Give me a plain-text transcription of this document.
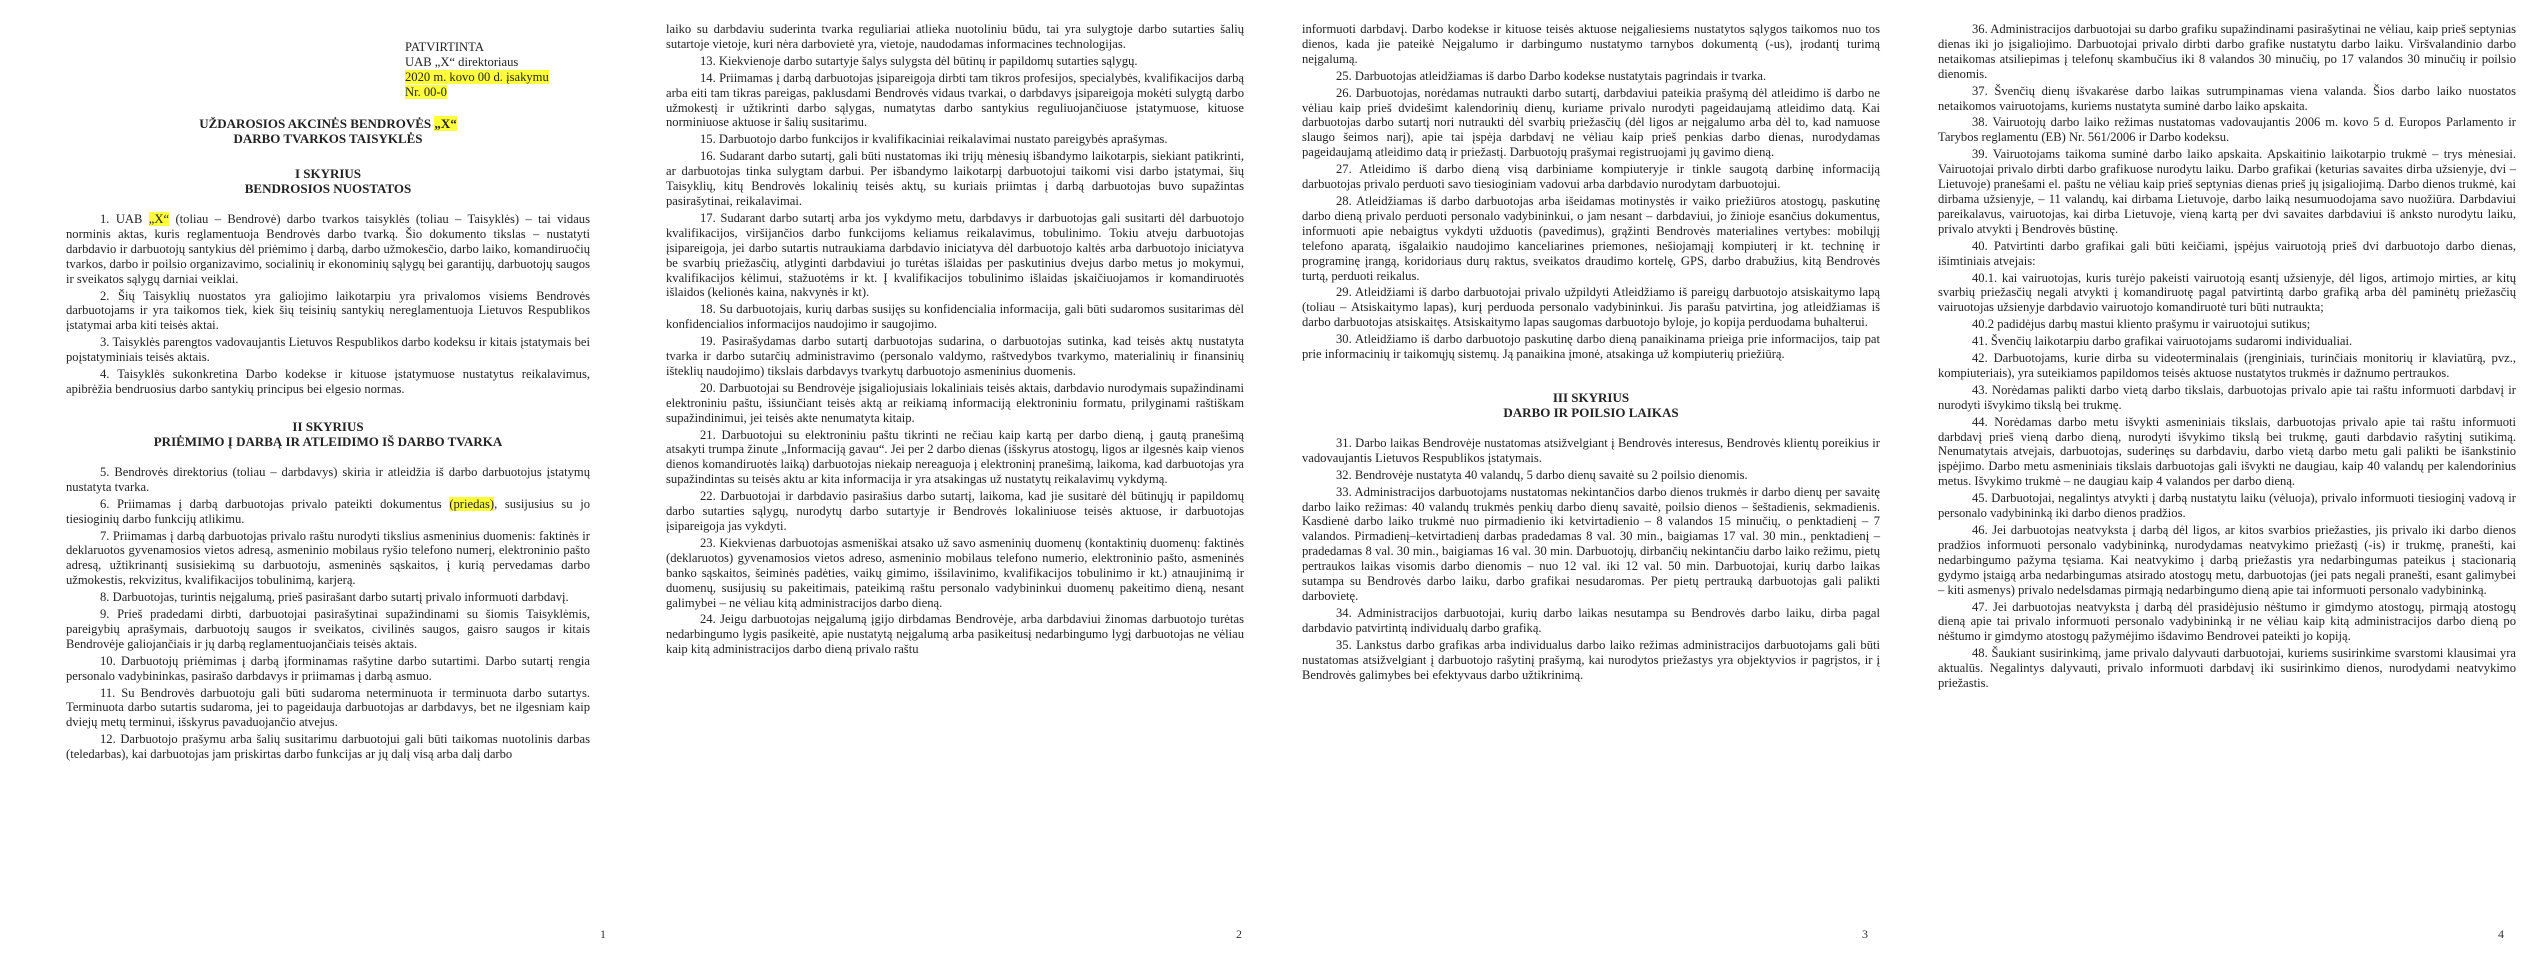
PATVIRTINTA
UAB „X“ direktoriaus
2020 m. kovo 00 d. įsakymu
Nr. 00-0
UŽDAROSIOS AKCINĖS BENDROVĖS „X“
DARBO TVARKOS TAISYKLĖS
I SKYRIUS
BENDROSIOS NUOSTATOS

1. UAB „X“ (toliau – Bendrovė) darbo tvarkos taisyklės (toliau – Taisyklės) – tai vidaus norminis aktas, kuris reglamentuoja Bendrovės darbo tvarką. Šio dokumento tikslas – nustatyti darbdavio ir darbuotojų santykius dėl priėmimo į darbą, darbo užmokesčio, darbo laiko, komandiruočių tvarkos, darbo ir poilsio organizavimo, socialinių ir ekonominių sąlygų bei garantijų, darbuotojų saugos ir sveikatos sąlygų darniai veiklai.

2. Šių Taisyklių nuostatos yra galiojimo laikotarpiu yra privalomos visiems Bendrovės darbuotojams ir yra taikomos tiek, kiek šių teisinių santykių nereglamentuoja Lietuvos Respublikos įstatymai arba kiti teisės aktai.

3. Taisyklės parengtos vadovaujantis Lietuvos Respublikos darbo kodeksu ir kitais įstatymais bei poįstatyminiais teisės aktais.

4. Taisyklės sukonkretina Darbo kodekse ir kituose įstatymuose nustatytus reikalavimus, apibrėžia bendruosius darbo santykių principus bei elgesio normas.

II SKYRIUS
PRIĖMIMO Į DARBĄ IR ATLEIDIMO IŠ DARBO TVARKA

5. Bendrovės direktorius (toliau – darbdavys) skiria ir atleidžia iš darbo darbuotojus įstatymų nustatyta tvarka.

6. Priimamas į darbą darbuotojas privalo pateikti dokumentus (priedas), susijusius su jo tiesioginių darbo funkcijų atlikimu.

7. Priimamas į darbą darbuotojas privalo raštu nurodyti tikslius asmeninius duomenis: faktinės ir deklaruotos gyvenamosios vietos adresą, asmeninio mobilaus ryšio telefono numerį, elektroninio pašto adresą, užtikrinantį susisiekimą su darbuotoju, asmeninės sąskaitos, į kurią pervedamas darbo užmokestis, rekvizitus, kvalifikacijos tobulinimą, karjerą.

8. Darbuotojas, turintis neįgalumą, prieš pasirašant darbo sutartį privalo informuoti darbdavį.

9. Prieš pradedami dirbti, darbuotojai pasirašytinai supažindinami su šiomis Taisyklėmis, pareigybių aprašymais, darbuotojų saugos ir sveikatos, civilinės saugos, gaisro saugos ir kitais Bendrovėje galiojančiais ir jų darbą reglamentuojančiais teisės aktais.

10. Darbuotojų priėmimas į darbą įforminamas rašytine darbo sutartimi. Darbo sutartį rengia personalo vadybininkas, pasirašo darbdavys ir priimamas į darbą asmuo.

11. Su Bendrovės darbuotoju gali būti sudaroma neterminuota ir terminuota darbo sutartys. Terminuota darbo sutartis sudaroma, jei to pageidauja darbuotojas ar darbdavys, bet ne ilgesniam kaip dviejų metų terminui, išskyrus pavaduojančio atvejus.

12. Darbuotojo prašymu arba šalių susitarimu darbuotojui gali būti taikomas nuotolinis darbas (teledarbas), kai darbuotojas jam priskirtas darbo funkcijas ar jų dalį visą arba dalį darbo

1

laiko su darbdaviu suderinta tvarka reguliariai atlieka nuotoliniu būdu, tai yra sulygtoje darbo sutarties šalių sutartoje vietoje, kuri nėra darbovietė yra, vietoje, naudodamas informacines technologijas.

13. Kiekvienoje darbo sutartyje šalys sulygsta dėl būtinų ir papildomų sutarties sąlygų.

14. Priimamas į darbą darbuotojas įsipareigoja dirbti tam tikros profesijos, specialybės, kvalifikacijos darbą arba eiti tam tikras pareigas, paklusdami Bendrovės vidaus tvarkai, o darbdavys įsipareigoja mokėti sulygtą darbo užmokestį ir užtikrinti darbo sąlygas, numatytas darbo santykius reguliuojančiuose įstatymuose, kituose norminiuose aktuose ir šalių susitarimu.

15. Darbuotojo darbo funkcijos ir kvalifikaciniai reikalavimai nustato pareigybės aprašymas.

16. Sudarant darbo sutartį, gali būti nustatomas iki trijų mėnesių išbandymo laikotarpis, siekiant patikrinti, ar darbuotojas tinka sulygtam darbui. Per išbandymo laikotarpį darbuotojui taikomi visi darbo įstatymai, šių Taisyklių, kitų Bendrovės lokalinių teisės aktų, su kuriais priimtas į darbą darbuotojas buvo supažintas pasirašytinai, reikalavimai.

17. Sudarant darbo sutartį arba jos vykdymo metu, darbdavys ir darbuotojas gali susitarti dėl darbuotojo kvalifikacijos, viršijančios darbo funkcijoms keliamus reikalavimus, tobulinimo. Tokiu atveju darbuotojas įsipareigoja, jei darbo sutartis nutraukiama darbdavio iniciatyva dėl darbuotojo kaltės arba darbuotojo iniciatyva be svarbių priežasčių, atlyginti darbdaviui jo turėtas išlaidas per paskutinius dvejus darbo metus jo mokymui, kvalifikacijos kėlimui, stažuotėms ir kt. Į kvalifikacijos tobulinimo išlaidas įskaičiuojamos ir komandiruotės išlaidos (kelionės kaina, nakvynės ir kt).

18. Su darbuotojais, kurių darbas susijęs su konfidencialia informacija, gali būti sudaromos susitarimas dėl konfidencialios informacijos naudojimo ir saugojimo.

19. Pasirašydamas darbo sutartį darbuotojas sudarina, o darbuotojas sutinka, kad teisės aktų nustatyta tvarka ir darbo sutarčių administravimo (personalo valdymo, raštvedybos tvarkymo, materialinių ir finansinių išteklių naudojimo) tikslais darbdavys tvarkytų darbuotojo asmeninius duomenis.

20. Darbuotojai su Bendrovėje įsigaliojusiais lokaliniais teisės aktais, darbdavio nurodymais supažindinami elektroniniu paštu, išsiunčiant teisės aktą ar reikiamą informaciją elektroniniu formatu, prilyginami raštiškam supažindinimui, jei teisės akte nenumatyta kitaip.

21. Darbuotojui su elektroniniu paštu tikrinti ne rečiau kaip kartą per darbo dieną, į gautą pranešimą atsakyti trumpa žinute „Informaciją gavau“. Jei per 2 darbo dienas (išskyrus atostogų, ligos ar ilgesnės kaip vienos dienos komandiruotės laiką) darbuotojas niekaip nereaguoja į elektroninį pranešimą, laikoma, kad darbuotojas yra supažindintas su teisės aktu ar kita informacija ir yra atsakingas už nustatytų reikalavimų vykdymą.

22. Darbuotojai ir darbdavio pasirašius darbo sutartį, laikoma, kad jie susitarė dėl būtinųjų ir papildomų darbo sutarties sąlygų, nurodytų darbo sutartyje ir Bendrovės lokaliniuose teisės aktuose, ir darbuotojas įsipareigoja jas vykdyti.

23. Kiekvienas darbuotojas asmeniškai atsako už savo asmeninių duomenų (kontaktinių duomenų: faktinės (deklaruotos) gyvenamosios vietos adreso, asmeninio mobilaus telefono numerio, elektroninio pašto, asmeninės banko sąskaitos, šeiminės padėties, vaikų gimimo, išsilavinimo, kvalifikacijos tobulinimo ir kt.) atnaujinimą ir duomenų, susijusių su pakeitimais, pateikimą raštu personalo vadybininkui duomenų pakeitimo dieną, nesant galimybei – ne vėliau kitą administracijos darbo dieną.

24. Jeigu darbuotojas neįgalumą įgijo dirbdamas Bendrovėje, arba darbdaviui žinomas darbuotojo turėtas nedarbingumo lygis pasikeitė, apie nustatytą neįgalumą arba pasikeitusį nedarbingumo lygį darbuotojas ne vėliau kaip kitą administracijos darbo dieną privalo raštu

2

informuoti darbdavį. Darbo kodekse ir kituose teisės aktuose neįgaliesiems nustatytos sąlygos taikomos nuo tos dienos, kada jie pateikė Neįgalumo ir darbingumo nustatymo tarnybos dokumentą (-us), įrodantį turimą neįgalumą.

25. Darbuotojas atleidžiamas iš darbo Darbo kodekse nustatytais pagrindais ir tvarka.

26. Darbuotojas, norėdamas nutraukti darbo sutartį, darbdaviui pateikia prašymą dėl atleidimo iš darbo ne vėliau kaip prieš dvidešimt kalendorinių dienų, kuriame privalo nurodyti pageidaujamą atleidimo datą. Kai darbuotojas darbo sutartį nori nutraukti dėl svarbių priežasčių (dėl ligos ar neįgalumo arba dėl to, kad namuose slaugo šeimos narį), apie tai įspėja darbdavį ne vėliau kaip prieš penkias darbo dienas, nurodydamas pageidaujamą atleidimo datą ir priežastį. Darbuotojų prašymai registruojami jų gavimo dieną.

27. Atleidimo iš darbo dieną visą darbiniame kompiuteryje ir tinkle saugotą darbinę informaciją darbuotojas privalo perduoti savo tiesioginiam vadovui arba darbdavio nurodytam darbuotojui.

28. Atleidžiamas iš darbo darbuotojas arba išeidamas motinystės ir vaiko priežiūros atostogų, paskutinę darbo dieną privalo perduoti personalo vadybininkui, o jam nesant – darbdaviui, jo žinioje esančius dokumentus, informuoti apie nebaigtus vykdyti užduotis (pavedimus), grąžinti Bendrovės materialines vertybes: mobilųjį telefono aparatą, išgalaikio naudojimo kanceliarines priemones, nešiojamąjį kompiuterį ir kt. techninę ir programinę įrangą, koridoriaus durų raktus, sveikatos draudimo kortelę, GPS, darbo drabužius, kitą Bendrovės turtą, perduoti reikalus.

29. Atleidžiami iš darbo darbuotojai privalo užpildyti Atleidžiamo iš pareigų darbuotojo atsiskaitymo lapą (toliau – Atsiskaitymo lapas), kurį perduoda personalo vadybininkui. Jis parašu patvirtina, jog atleidžiamas iš darbo darbuotojas atsiskaitęs. Atsiskaitymo lapas saugomas darbuotojo byloje, jo kopija perduodama buhalterui.

30. Atleidžiamo iš darbo darbuotojo paskutinę darbo dieną panaikinama prieiga prie informacijos, taip pat prie informacinių ir taikomųjų sistemų. Ją panaikina įmonė, atsakinga už kompiuterių priežiūrą.

III SKYRIUS
DARBO IR POILSIO LAIKAS

31. Darbo laikas Bendrovėje nustatomas atsižvelgiant į Bendrovės interesus, Bendrovės klientų poreikius ir vadovaujantis Lietuvos Respublikos įstatymais.

32. Bendrovėje nustatyta 40 valandų, 5 darbo dienų savaitė su 2 poilsio dienomis.

33. Administracijos darbuotojams nustatomas nekintančios darbo dienos trukmės ir darbo dienų per savaitę darbo laiko režimas: 40 valandų trukmės penkių darbo dienų savaitė, poilsio dienos – šeštadienis, sekmadienis. Kasdienė darbo laiko trukmė nuo pirmadienio iki ketvirtadienio – 8 valandos 15 minučių, o penktadienį – 7 valandos. Pirmadienį–ketvirtadienį darbas pradedamas 8 val. 30 min., baigiamas 17 val. 30 min., penktadienį – pradedamas 8 val. 30 min., baigiamas 16 val. 30 min. Darbuotojų, dirbančių nekintančiu darbo laiko režimu, pietų pertraukos laikas visomis darbo dienomis – nuo 12 val. iki 12 val. 50 min. Darbuotojai, kurių darbo laikas sutampa su Bendrovės darbo laiku, darbo grafikai nesudaromas. Per pietų pertrauką darbuotojas gali palikti darbovietę.

34. Administracijos darbuotojai, kurių darbo laikas nesutampa su Bendrovės darbo laiku, dirba pagal darbdavio patvirtintą individualų darbo grafiką.

35. Lankstus darbo grafikas arba individualus darbo laiko režimas administracijos darbuotojams gali būti nustatomas atsižvelgiant į darbuotojo rašytinį prašymą, kai nurodytos priežastys yra objektyvios ir pagrįstos, ir į Bendrovės galimybes bei efektyvaus darbo užtikrinimą.

3

36. Administracijos darbuotojai su darbo grafiku supažindinami pasirašytinai ne vėliau, kaip prieš septynias dienas iki jo įsigaliojimo. Darbuotojai privalo dirbti darbo grafike nustatytu darbo laiku. Viršvalandinio darbo netaikomas atsiliepimas į telefonų skambučius iki 8 valandos 30 minučių, po 17 valandos 30 minučių ir poilsio dienomis.

37. Švenčių dienų išvakarėse darbo laikas sutrumpinamas viena valanda. Šios darbo laiko nuostatos netaikomos vairuotojams, kuriems nustatyta suminė darbo laiko apskaita.

38. Vairuotojų darbo laiko režimas nustatomas vadovaujantis 2006 m. kovo 5 d. Europos Parlamento ir Tarybos reglamentu (EB) Nr. 561/2006 ir Darbo kodeksu.

39. Vairuotojams taikoma suminė darbo laiko apskaita. Apskaitinio laikotarpio trukmė – trys mėnesiai. Vairuotojai privalo dirbti darbo grafikuose nurodytu laiku. Darbo grafikai (keturias savaites dirba užsienyje, dvi – Lietuvoje) pranešami el. paštu ne vėliau kaip prieš septynias dienas prieš jų įsigaliojimą. Darbo dienos trukmė, kai dirbama užsienyje, – 11 valandų, kai dirbama Lietuvoje, darbo laiką nesumuodojama savo nuožiūra. Darbdaviui pareikalavus, vairuotojas, kai dirba Lietuvoje, vieną kartą per dvi savaites darbdaviui iš anksto nurodytu laiku, privalo atvykti į Bendrovės būstinę.

40. Patvirtinti darbo grafikai gali būti keičiami, įspėjus vairuotoją prieš dvi darbuotojo darbo dienas, išimtiniais atvejais:

40.1. kai vairuotojas, kuris turėjo pakeisti vairuotoją esantį užsienyje, dėl ligos, artimojo mirties, ar kitų svarbių priežasčių negali atvykti į komandiruotę pagal patvirtintą darbo grafiką arba dėl paminėtų priežasčių vairuotojas užsienyje darbdavio vairuotojo komandiruotė turi būti nutraukta;

40.2 padidėjus darbų mastui kliento prašymu ir vairuotojui sutikus;

41. Švenčių laikotarpiu darbo grafikai vairuotojams sudaromi individualiai.

42. Darbuotojams, kurie dirba su videoterminalais (įrenginiais, turinčiais monitorių ir klaviatūrą, pvz., kompiuteriais), yra suteikiamos papildomos teisės aktuose nustatytos trukmės ir dažnumo pertraukos.

43. Norėdamas palikti darbo vietą darbo tikslais, darbuotojas privalo apie tai raštu informuoti darbdavį ir nurodyti išvykimo tikslą bei trukmę.

44. Norėdamas darbo metu išvykti asmeniniais tikslais, darbuotojas privalo apie tai raštu informuoti darbdavį prieš vieną darbo dieną, nurodyti išvykimo tikslą bei trukmę, gauti darbdavio rašytinį sutikimą. Nenumatytais atvejais, darbuotojas, suderinęs su darbdaviu, darbo vietą darbo metu gali palikti be išankstinio įspėjimo. Darbo metu asmeniniais tikslais darbuotojas gali išvykti ne daugiau, kaip 40 valandų per kalendorinius metus. Išvykimo trukmė – ne daugiau kaip 4 valandos per darbo dieną.

45. Darbuotojai, negalintys atvykti į darbą nustatytu laiku (vėluoja), privalo informuoti tiesioginį vadovą ir personalo vadybininką iki darbo dienos pradžios.

46. Jei darbuotojas neatvyksta į darbą dėl ligos, ar kitos svarbios priežasties, jis privalo iki darbo dienos pradžios informuoti personalo vadybininką, nurodydamas neatvykimo priežastį (-is) ir trukmę, pranešti, kai nedarbingumo pažyma tęsiama. Kai neatvykimo į darbą priežastis yra nedarbingumas pateikus į stacionarią gydymo įstaigą arba nedarbingumas atsirado atostogų metu, darbuotojas (jei pats negali pranešti, esant galimybei – kiti asmenys) privalo nedelsdamas pirmąją nedarbingumo dieną apie tai informuoti personalo vadybininką.

47. Jei darbuotojas neatvyksta į darbą dėl prasidėjusio nėštumo ir gimdymo atostogų, pirmąją atostogų dieną apie tai privalo informuoti personalo vadybininką ir ne vėliau kaip kitą administracijos darbo dieną po nėštumo ir gimdymo atostogų pažymėjimo išdavimo Bendrovei pateikti jo kopiją.

48. Šaukiant susirinkimą, jame privalo dalyvauti darbuotojai, kuriems susirinkime svarstomi klausimai yra aktualūs. Negalintys dalyvauti, privalo informuoti darbdavį iki susirinkimo dienos, nurodydami neatvykimo priežastis.

4
